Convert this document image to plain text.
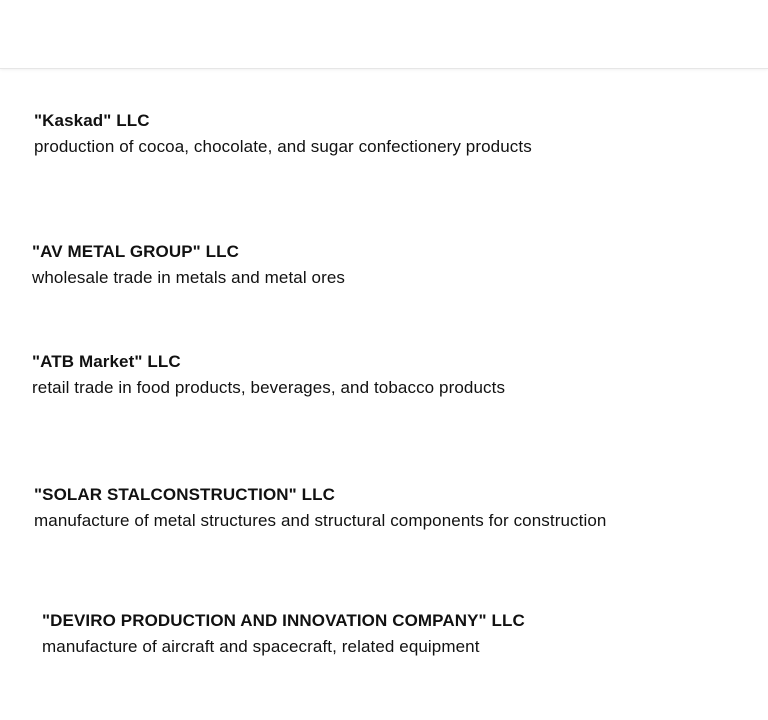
"Kaskad" LLC
production of cocoa, chocolate, and sugar confectionery products
"AV METAL GROUP" LLC
wholesale trade in metals and metal ores
"ATB Market" LLC
retail trade in food products, beverages, and tobacco products
"SOLAR STALCONSTRUCTION" LLC
manufacture of metal structures and structural components for construction
"DEVIRO PRODUCTION AND INNOVATION COMPANY" LLC
manufacture of aircraft and spacecraft, related equipment
